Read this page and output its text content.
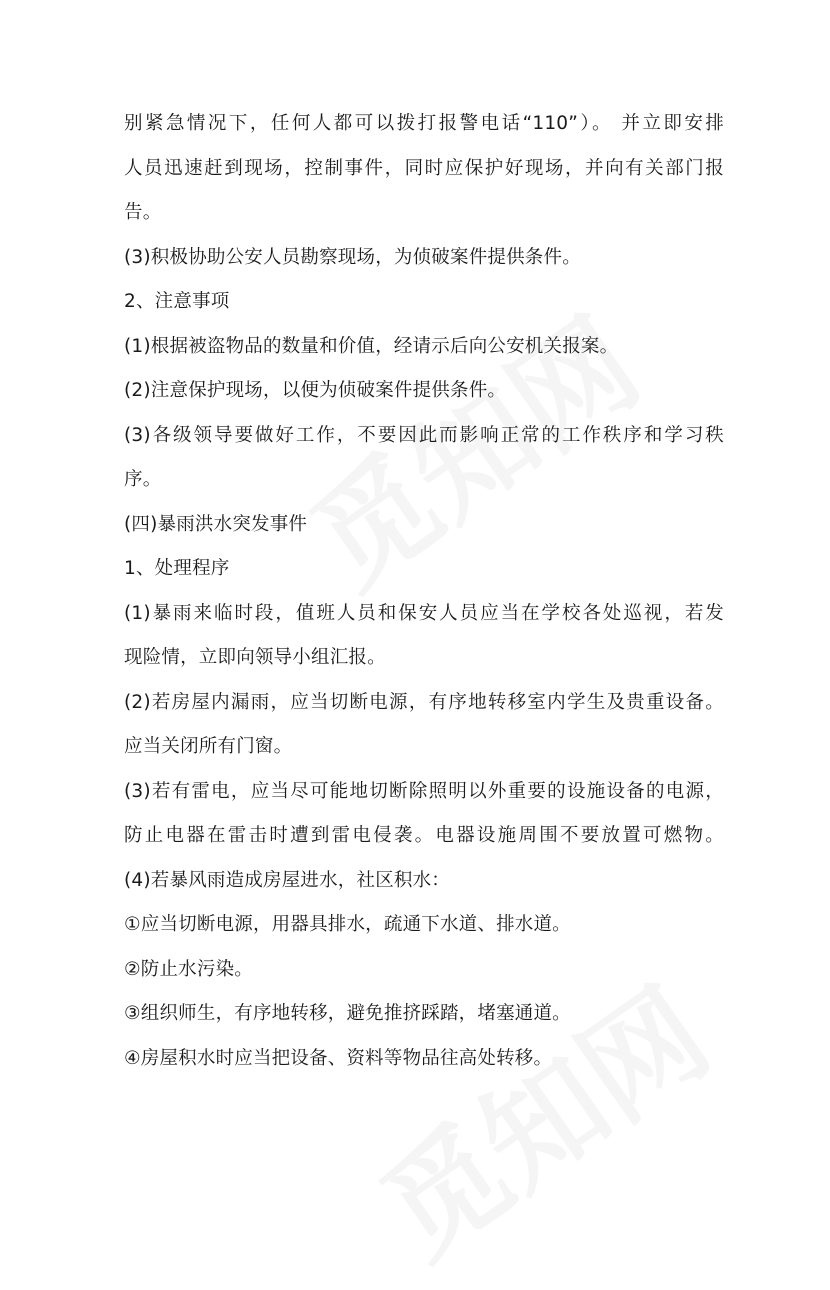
别紧急情况下，任何人都可以拨打报警电话“110”）。 并立即安排
人员迅速赶到现场，控制事件，同时应保护好现场，并向有关部门报
告。
(3)积极协助公安人员勘察现场，为侦破案件提供条件。
2、注意事项
(1)根据被盗物品的数量和价值，经请示后向公安机关报案。
(2)注意保护现场，以便为侦破案件提供条件。
(3)各级领导要做好工作，不要因此而影响正常的工作秩序和学习秩
序。
(四)暴雨洪水突发事件
1、处理程序
(1)暴雨来临时段，值班人员和保安人员应当在学校各处巡视，若发
现险情，立即向领导小组汇报。
(2)若房屋内漏雨，应当切断电源，有序地转移室内学生及贵重设备。
应当关闭所有门窗。
(3)若有雷电，应当尽可能地切断除照明以外重要的设施设备的电源，
防止电器在雷击时遭到雷电侵袭。电器设施周围不要放置可燃物。
(4)若暴风雨造成房屋进水，社区积水：
①应当切断电源，用器具排水，疏通下水道、排水道。
②防止水污染。
③组织师生，有序地转移，避免推挤踩踏，堵塞通道。
④房屋积水时应当把设备、资料等物品往高处转移。
